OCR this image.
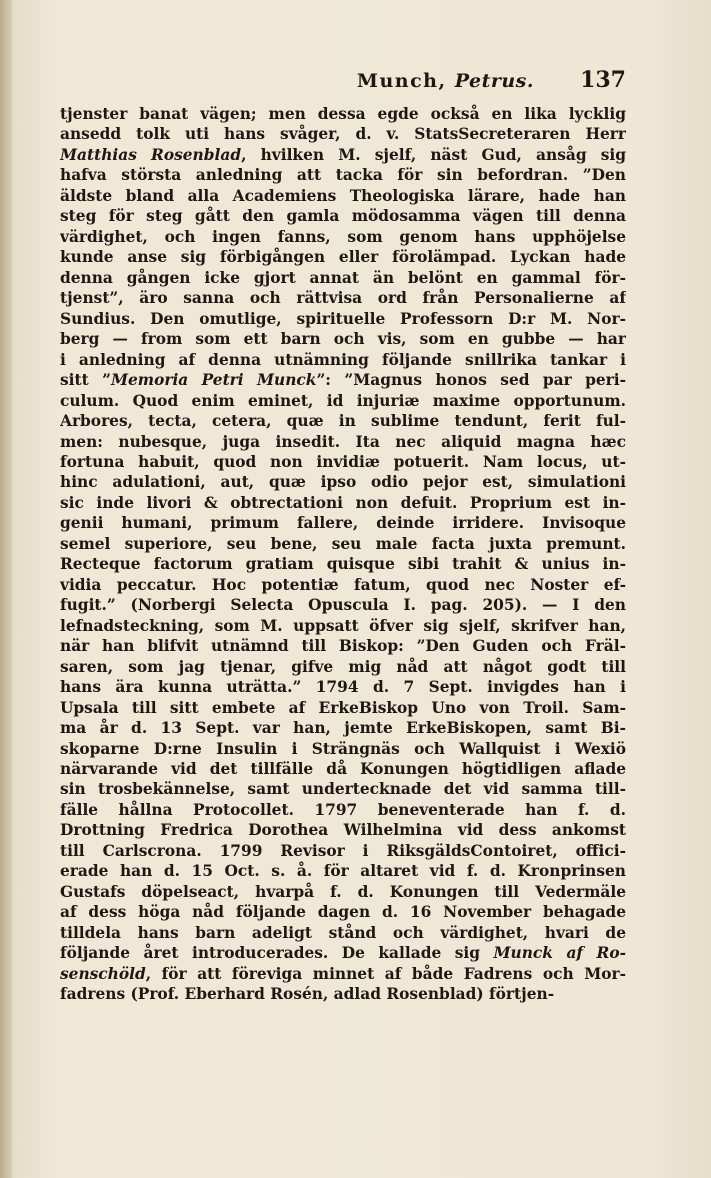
Munch, Petrus. 137
tjenster banat vägen; men dessa egde också en lika lycklig
ansedd tolk uti hans svåger, d. v. StatsSecreteraren Herr
Matthias Rosenblad, hvilken M. sjelf, näst Gud, ansåg sig
hafva största anledning att tacka för sin befordran. ”Den
äldste bland alla Academiens Theologiska lärare, hade han
steg för steg gått den gamla mödosamma vägen till denna
värdighet, och ingen fanns, som genom hans upphöjelse
kunde anse sig förbigången eller förolämpad. Lyckan hade
denna gången icke gjort annat än belönt en gammal för-
tjenst”, äro sanna och rättvisa ord från Personalierne af
Sundius. Den omutlige, spirituelle Professorn D:r M. Nor-
berg — from som ett barn och vis, som en gubbe — har
i anledning af denna utnämning följande snillrika tankar i
sitt ”Memoria Petri Munck”: ”Magnus honos sed par peri-
culum. Quod enim eminet, id injuriæ maxime opportunum.
Arbores, tecta, cetera, quæ in sublime tendunt, ferit ful-
men: nubesque, juga insedit. Ita nec aliquid magna hæc
fortuna habuit, quod non invidiæ potuerit. Nam locus, ut-
hinc adulationi, aut, quæ ipso odio pejor est, simulationi
sic inde livori & obtrectationi non defuit. Proprium est in-
genii humani, primum fallere, deinde irridere. Invisoque
semel superiore, seu bene, seu male facta juxta premunt.
Recteque factorum gratiam quisque sibi trahit & unius in-
vidia peccatur. Hoc potentiæ fatum, quod nec Noster ef-
fugit.” (Norbergi Selecta Opuscula I. pag. 205). — I den
lefnadsteckning, som M. uppsatt öfver sig sjelf, skrifver han,
när han blifvit utnämnd till Biskop: ”Den Guden och Fräl-
saren, som jag tjenar, gifve mig nåd att något godt till
hans ära kunna uträtta.” 1794 d. 7 Sept. invigdes han i
Upsala till sitt embete af ErkeBiskop Uno von Troil. Sam-
ma år d. 13 Sept. var han, jemte ErkeBiskopen, samt Bi-
skoparne D:rne Insulin i Strängnäs och Wallquist i Wexiö
närvarande vid det tillfälle då Konungen högtidligen aflade
sin trosbekännelse, samt undertecknade det vid samma till-
fälle hållna Protocollet. 1797 beneventerade han f. d.
Drottning Fredrica Dorothea Wilhelmina vid dess ankomst
till Carlscrona. 1799 Revisor i RiksgäldsContoiret, offici-
erade han d. 15 Oct. s. å. för altaret vid f. d. Kronprinsen
Gustafs döpelseact, hvarpå f. d. Konungen till Vedermäle
af dess höga nåd följande dagen d. 16 November behagade
tilldela hans barn adeligt stånd och värdighet, hvari de
följande året introducerades. De kallade sig Munck af Ro-
senschöld, för att föreviga minnet af både Fadrens och Mor-
fadrens (Prof. Eberhard Rosén, adlad Rosenblad) förtjen-
